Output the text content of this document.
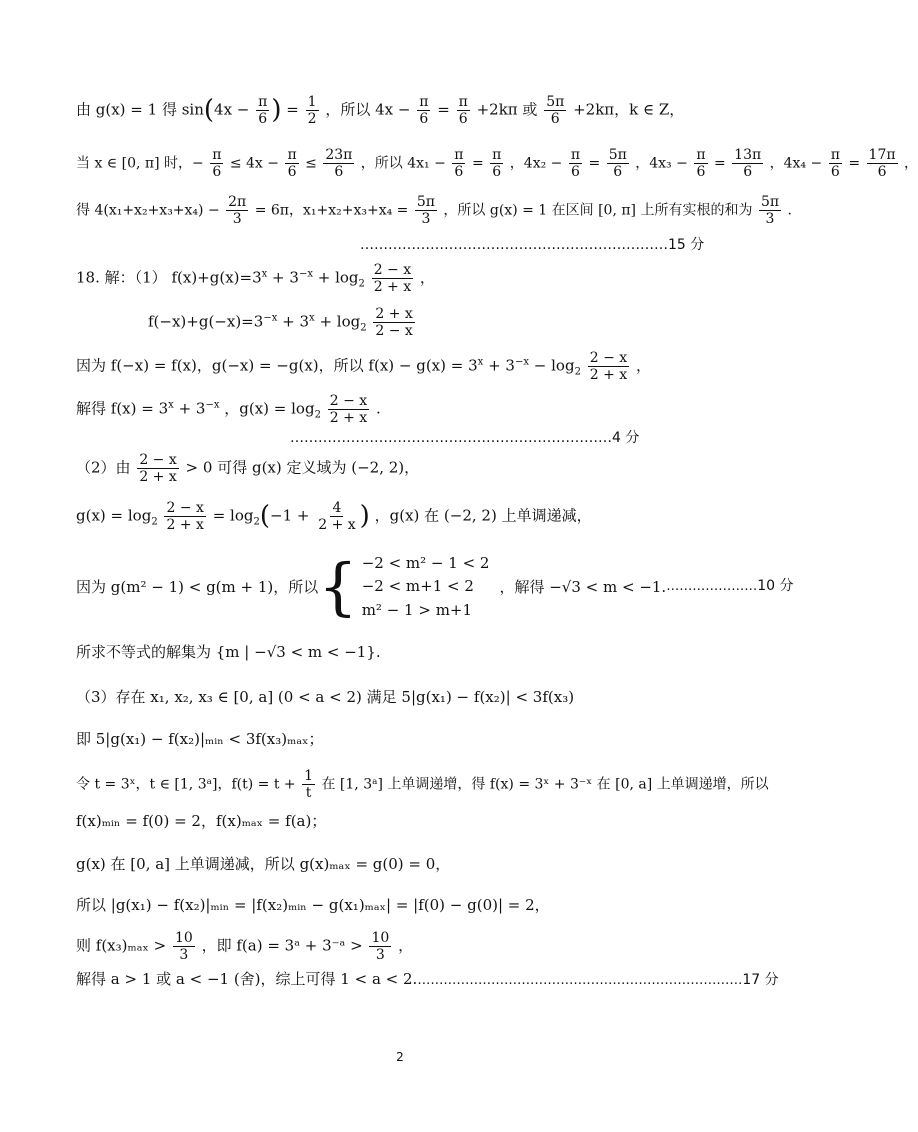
由 g(x) = 1 得 $\sin(4x - \frac{\pi}{6}$ ) = $\frac{1}{2}$ ，所以 $4x - \frac{\pi}{6} = \frac{\pi}{6} +2k\pi$ 或 $\frac{5\pi}{6} +2k\pi$，k ∈ Z，
当 x ∈ [0, π] 时，− $\frac{\pi}{6} \le 4x - \frac{\pi}{6} \le \frac{23\pi}{6}$ ，所以 $4x_1 - \frac{\pi}{6} = \frac{\pi}{6}$ ，$4x_2 - \frac{\pi}{6} = \frac{5\pi}{6}$ ，$4x_3 - \frac{\pi}{6} = \frac{13\pi}{6}$ ，$4x_4 - \frac{\pi}{6} = \frac{17\pi}{6}$ ，
得 $4(x_1+x_2+x_3+x_4) - \frac{2\pi}{3} = 6\pi$，$x_1+x_2+x_3+x_4 = \frac{5\pi}{3}$ ，所以 g(x) = 1 在区间 [0, π] 上所有实根的和为 $\frac{5\pi}{3}$ .
…………………………………………………………15 分
18. 解：（1） $f(x)+g(x)=3^x + 3^{-x} + \log_2 \frac{2 - x}{2 + x}$ ，
$f(-x)+g(-x)=3^{-x} + 3^x + \log_2 \frac{2 + x}{2 - x}$
因为 f(−x) = f(x)，g(−x) = −g(x)，所以 $f(x) - g(x) = 3^x + 3^{-x} - \log_2 \frac{2 - x}{2 + x}$ ，
解得 $f(x) = 3^x + 3^{-x}$ ，$g(x) = \log_2 \frac{2 - x}{2 + x}$ .
……………………………………………………………4 分
（2）由 $\frac{2 - x}{2 + x} > 0$ 可得 g(x) 定义域为 (−2, 2)，
$g(x) = \log_2 \frac{2 - x}{2 + x} = \log_2(-1 + \frac{4}{2 + x}$ ) ，g(x) 在 (−2, 2) 上单调递减，
因为 g(m² − 1) < g(m + 1)，所以 { −2 < m² − 1 < 2
−2 < m+1 < 2
m² − 1 > m+1
，解得 −√3 < m < −1. ………………… 10 分
所求不等式的解集为 {m | −√3 < m < −1}.
（3）存在 x₁, x₂, x₃ ∈ [0, a] (0 < a < 2) 满足 5|g(x₁) − f(x₂)| < 3f(x₃)
即 5|g(x₁) − f(x₂)|ₘᵢₙ < 3f(x₃)ₘₐₓ；
令 t = 3ˣ，t ∈ [1, 3ᵃ]，$f(t) = t + \frac{1}{t}$ 在 [1, 3ᵃ] 上单调递增，得 f(x) = 3ˣ + 3⁻ˣ 在 [0, a] 上单调递增，所以
f(x)ₘᵢₙ = f(0) = 2，f(x)ₘₐₓ = f(a)；
g(x) 在 [0, a] 上单调递减，所以 g(x)ₘₐₓ = g(0) = 0，
所以 |g(x₁) − f(x₂)|ₘᵢₙ = |f(x₂)ₘᵢₙ − g(x₁)ₘₐₓ| = |f(0) − g(0)| = 2，
则 $f(x_3)_{max} > \frac{10}{3}$ ，即 f(a) = 3ᵃ + 3⁻ᵃ > $\frac{10}{3}$ ，
解得 a > 1 或 a < −1 (舍)，综上可得 1 < a < 2.…………………………………………………………………17 分
2
